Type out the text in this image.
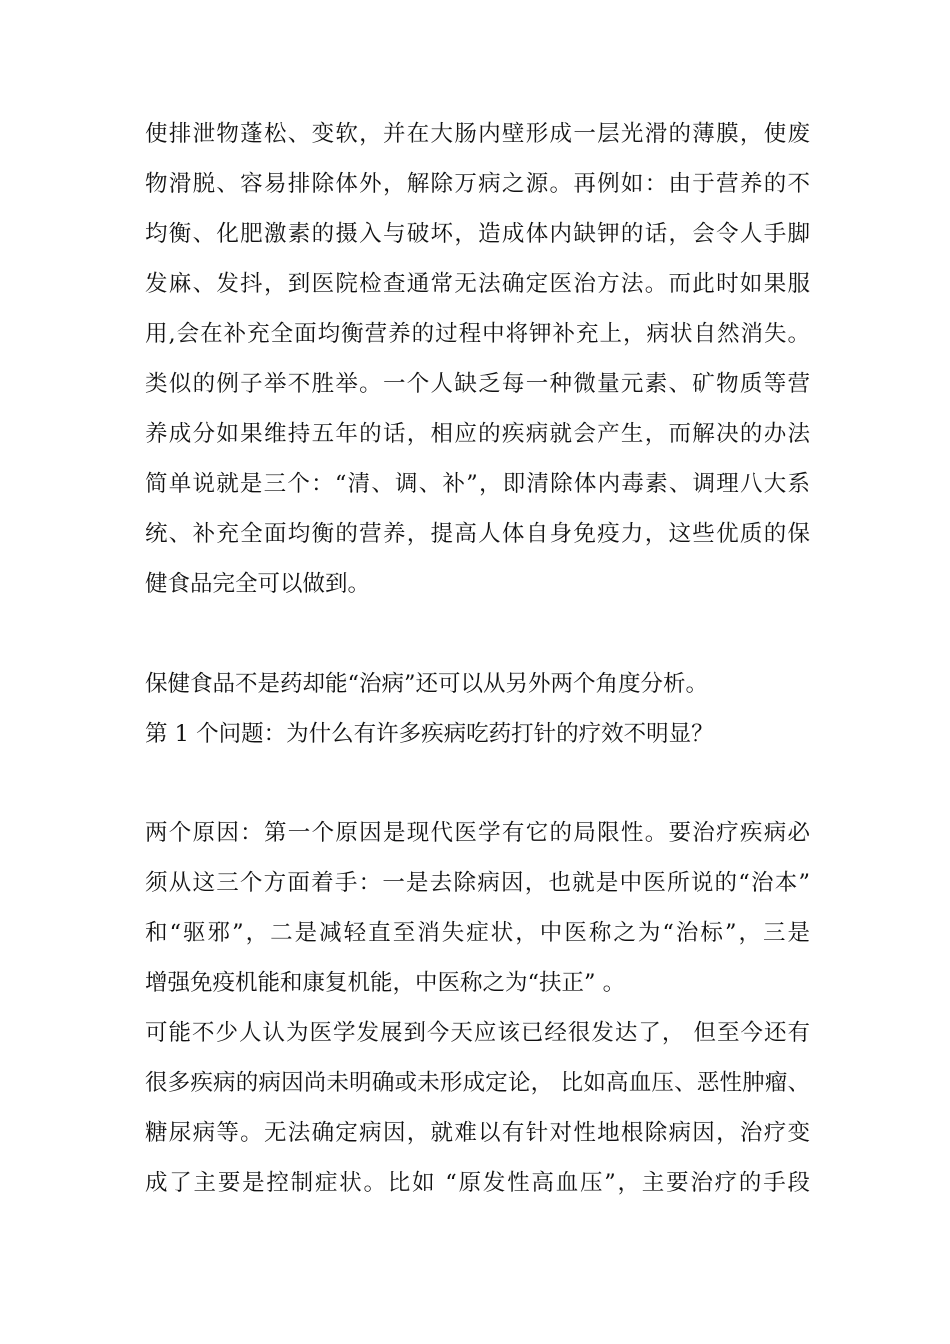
使排泄物蓬松、变软，并在大肠内壁形成一层光滑的薄膜，使废
物滑脱、容易排除体外，解除万病之源。再例如：由于营养的不
均衡、化肥激素的摄入与破坏，造成体内缺钾的话，会令人手脚
发麻、发抖，到医院检查通常无法确定医治方法。而此时如果服
用,会在补充全面均衡营养的过程中将钾补充上，病状自然消失。
类似的例子举不胜举。一个人缺乏每一种微量元素、矿物质等营
养成分如果维持五年的话，相应的疾病就会产生，而解决的办法
简单说就是三个：“清、调、补”，即清除体内毒素、调理八大系
统、补充全面均衡的营养，提高人体自身免疫力，这些优质的保
健食品完全可以做到。
保健食品不是药却能“治病”还可以从另外两个角度分析。
第 1 个问题：为什么有许多疾病吃药打针的疗效不明显？
两个原因：第一个原因是现代医学有它的局限性。要治疗疾病必
须从这三个方面着手：一是去除病因，也就是中医所说的“治本”
和“驱邪”，二是减轻直至消失症状，中医称之为“治标”，三是
增强免疫机能和康复机能，中医称之为“扶正” 。
可能不少人认为医学发展到今天应该已经很发达了， 但至今还有
很多疾病的病因尚未明确或未形成定论， 比如高血压、恶性肿瘤、
糖尿病等。无法确定病因，就难以有针对性地根除病因，治疗变
成了主要是控制症状。比如 “原发性高血压”，主要治疗的手段
